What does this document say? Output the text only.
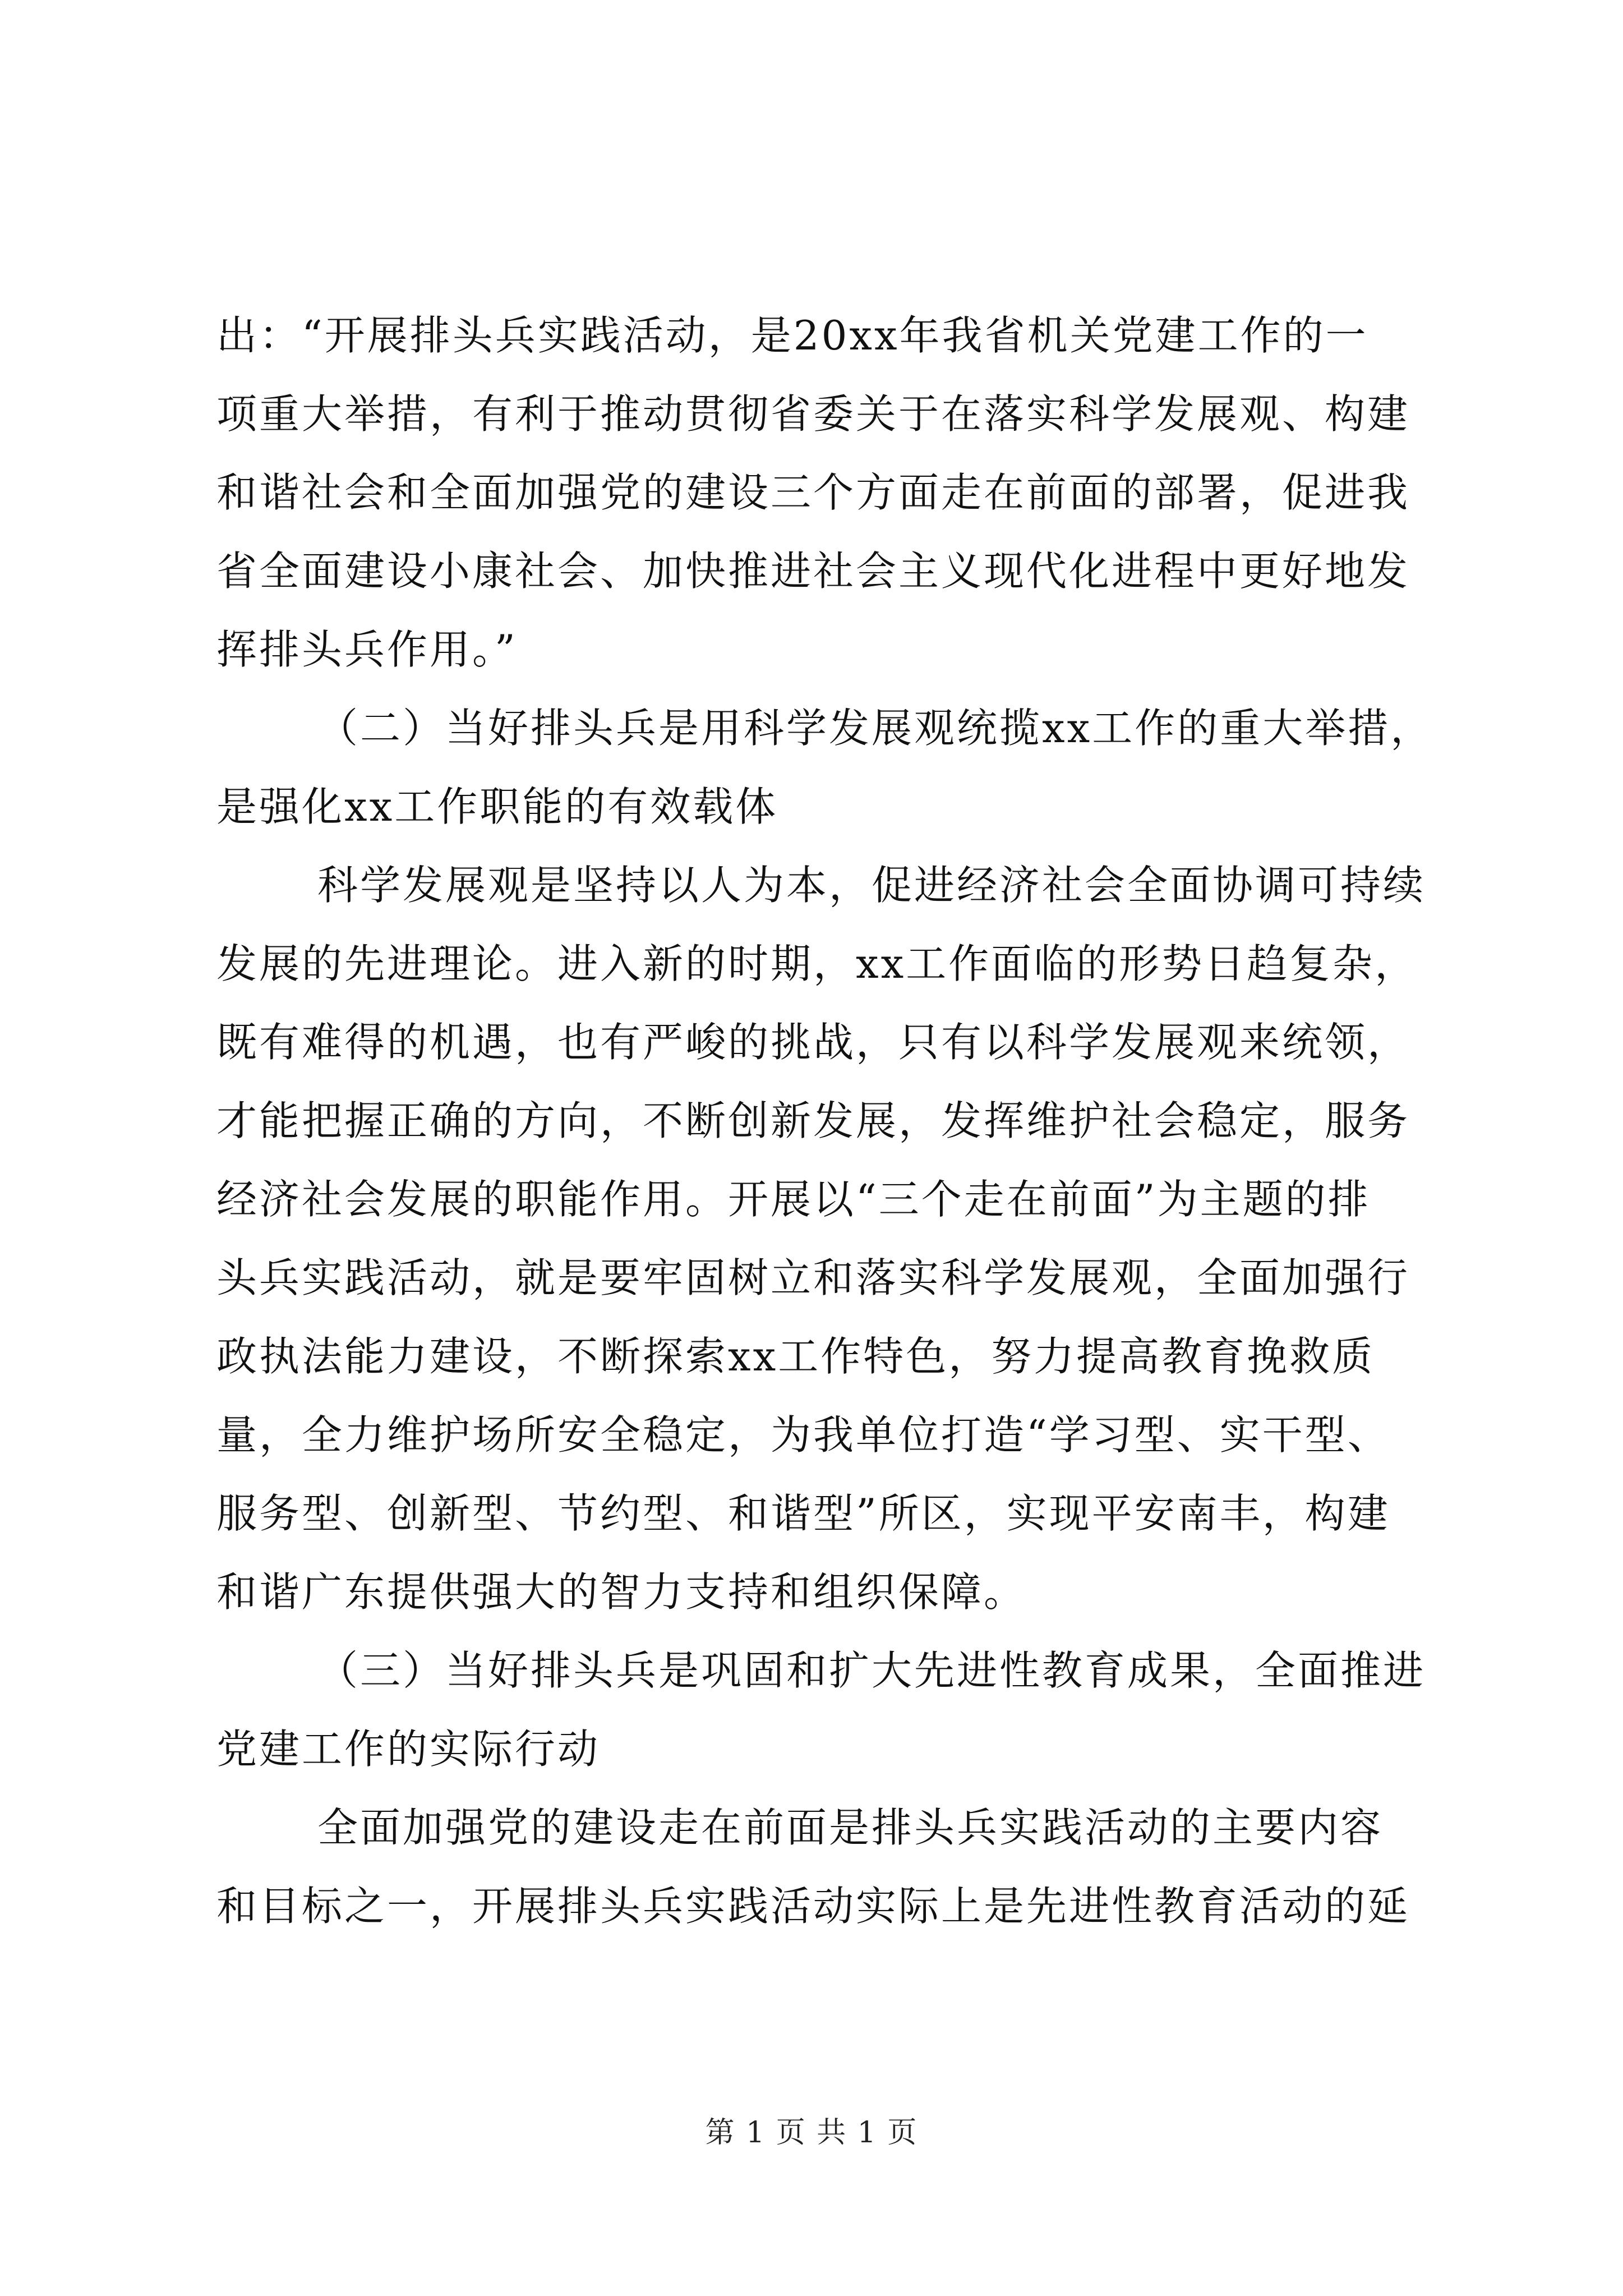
出：“开展排头兵实践活动，是20xx年我省机关党建工作的一
项重大举措，有利于推动贯彻省委关于在落实科学发展观、构建
和谐社会和全面加强党的建设三个方面走在前面的部署，促进我
省全面建设小康社会、加快推进社会主义现代化进程中更好地发
挥排头兵作用。”
（二）当好排头兵是用科学发展观统揽xx工作的重大举措，
是强化xx工作职能的有效载体
科学发展观是坚持以人为本，促进经济社会全面协调可持续
发展的先进理论。进入新的时期，xx工作面临的形势日趋复杂，
既有难得的机遇，也有严峻的挑战，只有以科学发展观来统领，
才能把握正确的方向，不断创新发展，发挥维护社会稳定，服务
经济社会发展的职能作用。开展以“三个走在前面”为主题的排
头兵实践活动，就是要牢固树立和落实科学发展观，全面加强行
政执法能力建设，不断探索xx工作特色，努力提高教育挽救质
量，全力维护场所安全稳定，为我单位打造“学习型、实干型、
服务型、创新型、节约型、和谐型”所区，实现平安南丰，构建
和谐广东提供强大的智力支持和组织保障。
（三）当好排头兵是巩固和扩大先进性教育成果，全面推进
党建工作的实际行动
全面加强党的建设走在前面是排头兵实践活动的主要内容
和目标之一，开展排头兵实践活动实际上是先进性教育活动的延
第 1 页 共 1 页
